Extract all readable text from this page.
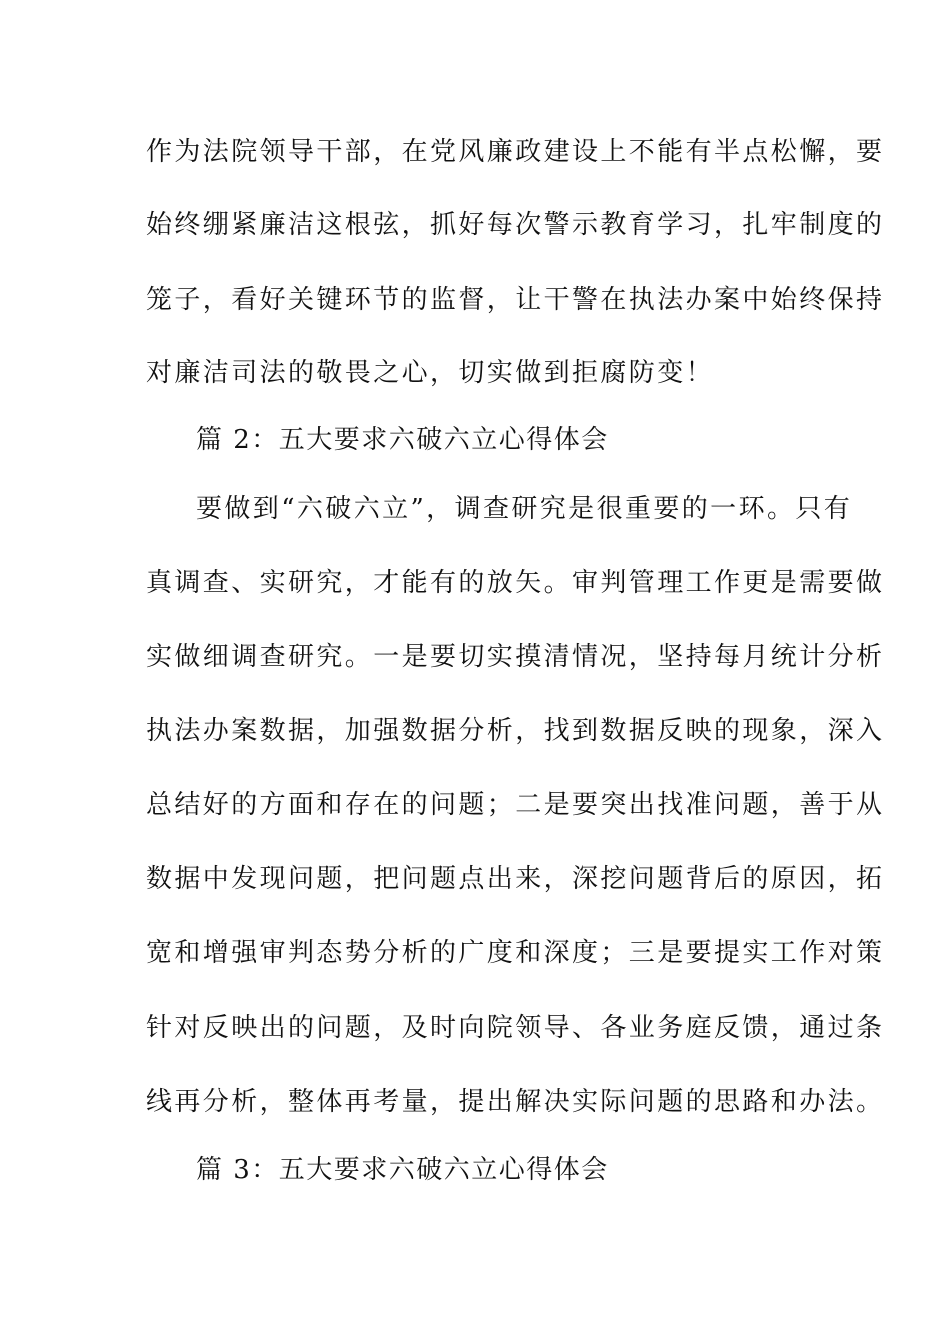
作为法院领导干部，在党风廉政建设上不能有半点松懈，要
始终绷紧廉洁这根弦，抓好每次警示教育学习，扎牢制度的
笼子，看好关键环节的监督，让干警在执法办案中始终保持
对廉洁司法的敬畏之心，切实做到拒腐防变！
篇 2：五大要求六破六立心得体会
要做到“六破六立”，调查研究是很重要的一环。只有
真调查、实研究，才能有的放矢。审判管理工作更是需要做
实做细调查研究。一是要切实摸清情况，坚持每月统计分析
执法办案数据，加强数据分析，找到数据反映的现象，深入
总结好的方面和存在的问题；二是要突出找准问题，善于从
数据中发现问题，把问题点出来，深挖问题背后的原因，拓
宽和增强审判态势分析的广度和深度；三是要提实工作对策
针对反映出的问题，及时向院领导、各业务庭反馈，通过条
线再分析，整体再考量，提出解决实际问题的思路和办法。
篇 3：五大要求六破六立心得体会
